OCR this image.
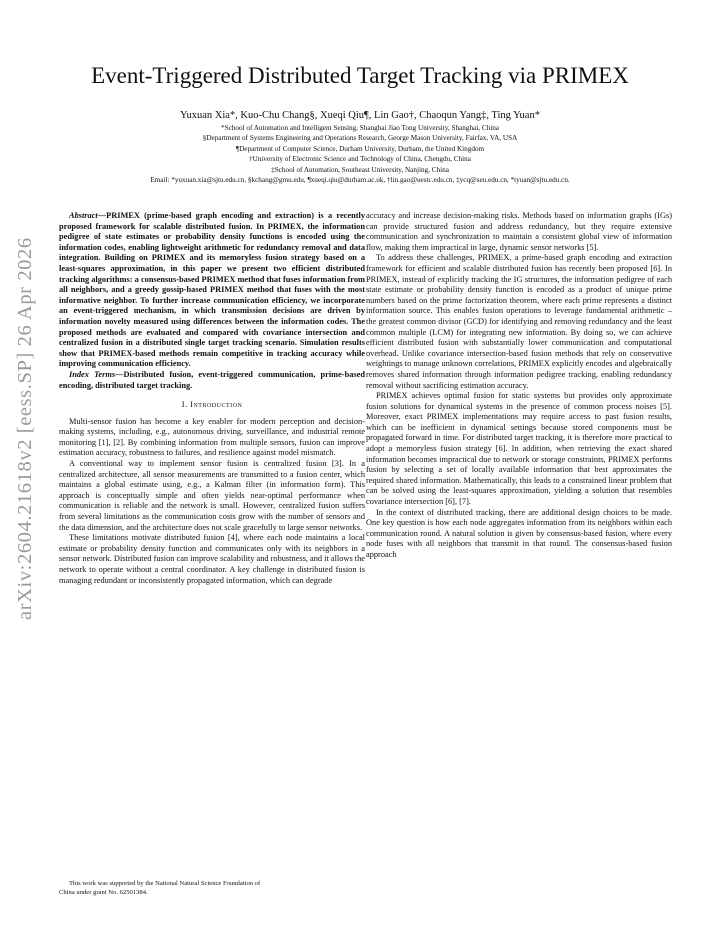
arXiv:2604.21618v2 [eess.SP] 26 Apr 2026
Event-Triggered Distributed Target Tracking via PRIMEX

Yuxuan Xia*, Kuo-Chu Chang§, Xueqi Qiu¶, Lin Gao†, Chaoqun Yang‡, Ting Yuan*

*School of Automation and Intelligent Sensing, Shanghai Jiao Tong University, Shanghai, China
§Department of Systems Engineering and Operations Research, George Mason University, Fairfax, VA, USA
¶Department of Computer Science, Durham University, Durham, the United Kingdom
†University of Electronic Science and Technology of China, Chengdu, China
‡School of Automation, Southeast University, Nanjing, China
Email: *yuxuan.xia@sjtu.edu.cn, §kchang@gmu.edu, ¶xueqi.qiu@durham.ac.uk, †lin.gao@uestc.edu.cn, ‡ycq@seu.edu.cn, *tyuan@sjtu.edu.cn.

Abstract—PRIMEX (prime-based graph encoding and extraction) is a recently proposed framework for scalable distributed fusion. In PRIMEX, the information pedigree of state estimates or probability density functions is encoded using the information codes, enabling lightweight arithmetic for redundancy removal and data integration. Building on PRIMEX and its memoryless fusion strategy based on a least-squares approximation, in this paper we present two efficient distributed tracking algorithms: a consensus-based PRIMEX method that fuses information from all neighbors, and a greedy gossip-based PRIMEX method that fuses with the most informative neighbor. To further increase communication efficiency, we incorporate an event-triggered mechanism, in which transmission decisions are driven by information novelty measured using differences between the information codes. The proposed methods are evaluated and compared with covariance intersection and centralized fusion in a distributed single target tracking scenario. Simulation results show that PRIMEX-based methods remain competitive in tracking accuracy while improving communication efficiency.

Index Terms—Distributed fusion, event-triggered communication, prime-based encoding, distributed target tracking.

I. Introduction

Multi-sensor fusion has become a key enabler for modern perception and decision-making systems, including, e.g., autonomous driving, surveillance, and industrial remote monitoring [1], [2]. By combining information from multiple sensors, fusion can improve estimation accuracy, robustness to failures, and resilience against model mismatch.

A conventional way to implement sensor fusion is centralized fusion [3]. In a centralized architecture, all sensor measurements are transmitted to a fusion center, which maintains a global estimate using, e.g., a Kalman filter (in information form). This approach is conceptually simple and often yields near-optimal performance when communication is reliable and the network is small. However, centralized fusion suffers from several limitations as the communication costs grow with the number of sensors and the data dimension, and the architecture does not scale gracefully to large sensor networks.

These limitations motivate distributed fusion [4], where each node maintains a local estimate or probability density function and communicates only with its neighbors in a sensor network. Distributed fusion can improve scalability and robustness, and it allows the network to operate without a central coordinator. A key challenge in distributed fusion is managing redundant or inconsistently propagated information, which can degrade

This work was supported by the National Natural Science Foundation of
China under grant No. 62501384.

accuracy and increase decision-making risks. Methods based on information graphs (IGs) can provide structured fusion and address redundancy, but they require extensive communication and synchronization to maintain a consistent global view of information flow, making them impractical in large, dynamic sensor networks [5].

To address these challenges, PRIMEX, a prime-based graph encoding and extraction framework for efficient and scalable distributed fusion has recently been proposed [6]. In PRIMEX, instead of explicitly tracking the IG structures, the information pedigree of each state estimate or probability density function is encoded as a product of unique prime numbers based on the prime factorization theorem, where each prime represents a distinct information source. This enables fusion operations to leverage fundamental arithmetic – the greatest common divisor (GCD) for identifying and removing redundancy and the least common multiple (LCM) for integrating new information. By doing so, we can achieve efficient distributed fusion with substantially lower communication and computational overhead. Unlike covariance intersection-based fusion methods that rely on conservative weightings to manage unknown correlations, PRIMEX explicitly encodes and algebraically removes shared information through information pedigree tracking, enabling redundancy removal without sacrificing estimation accuracy.

PRIMEX achieves optimal fusion for static systems but provides only approximate fusion solutions for dynamical systems in the presence of common process noises [5]. Moreover, exact PRIMEX implementations may require access to past fusion results, which can be inefficient in dynamical settings because stored components must be propagated forward in time. For distributed target tracking, it is therefore more practical to adopt a memoryless fusion strategy [6]. In addition, when retrieving the exact shared information becomes impractical due to network or storage constraints, PRIMEX performs fusion by selecting a set of locally available information that best approximates the required shared information. Mathematically, this leads to a constrained linear problem that can be solved using the least-squares approximation, yielding a solution that resembles covariance intersection [6], [7].

In the context of distributed tracking, there are additional design choices to be made. One key question is how each node aggregates information from its neighbors within each communication round. A natural solution is given by consensus-based fusion, where every node fuses with all neighbors that transmit in that round. The consensus-based fusion approach
